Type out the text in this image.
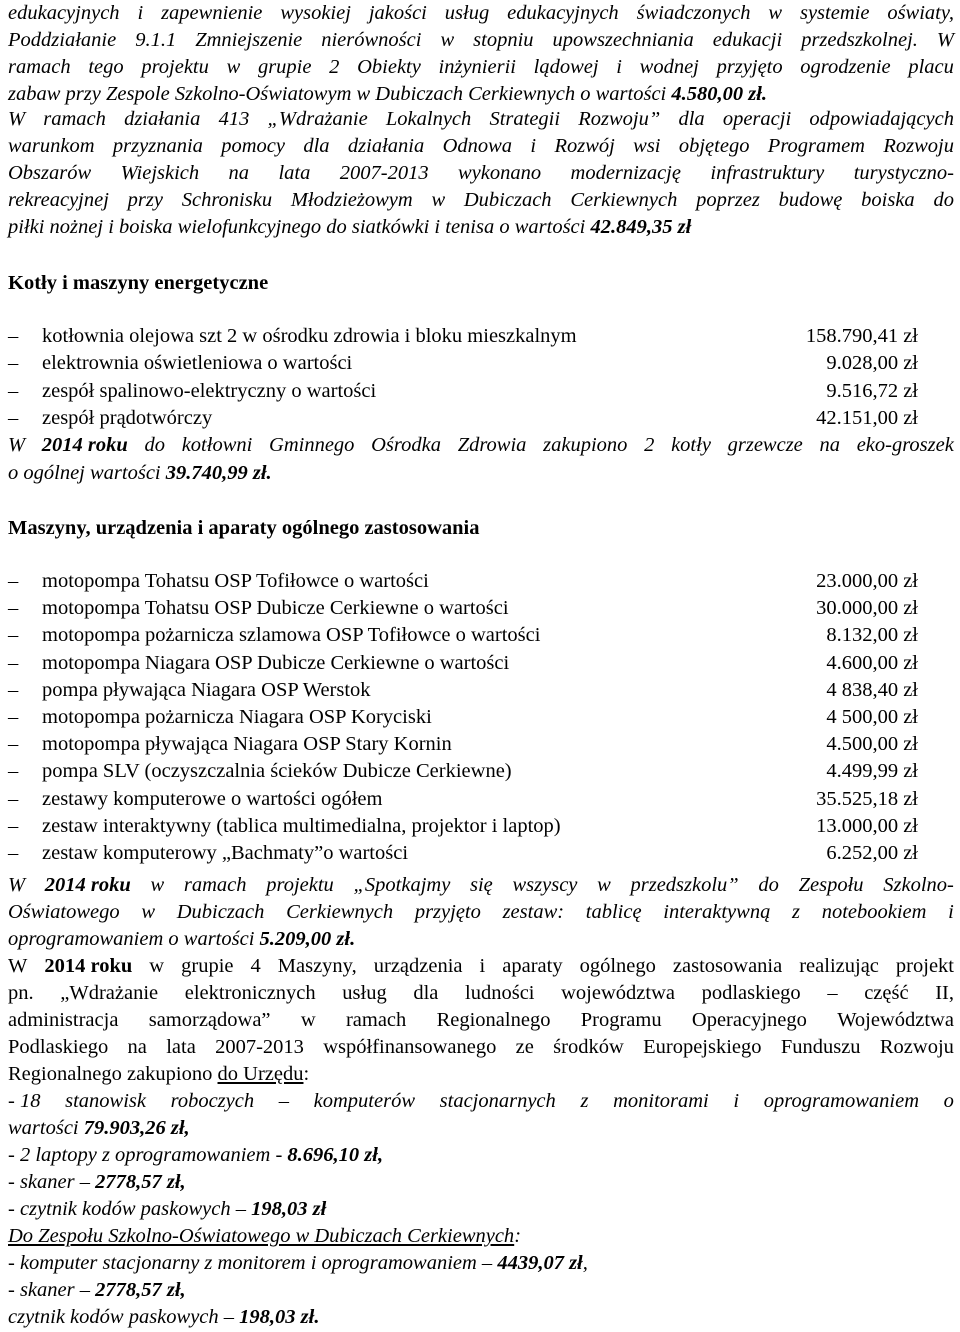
edukacyjnych i zapewnienie wysokiej jakości usług edukacyjnych świadczonych w systemie oświaty,
Poddziałanie 9.1.1 Zmniejszenie nierówności w stopniu upowszechniania edukacji przedszkolnej. W
ramach tego projektu w grupie 2 Obiekty inżynierii lądowej i wodnej przyjęto ogrodzenie placu
zabaw przy Zespole Szkolno-Oświatowym w Dubiczach Cerkiewnych o wartości 4.580,00 zł.
W ramach działania 413 „Wdrażanie Lokalnych Strategii Rozwoju” dla operacji odpowiadających
warunkom przyznania pomocy dla działania Odnowa i Rozwój wsi objętego Programem Rozwoju
Obszarów Wiejskich na lata 2007-2013 wykonano modernizację infrastruktury turystyczno-
rekreacyjnej przy Schronisku Młodzieżowym w Dubiczach Cerkiewnych poprzez budowę boiska do
piłki nożnej i boiska wielofunkcyjnego do siatkówki i tenisa o wartości 42.849,35 zł
Kotły i maszyny energetyczne
–	kotłownia olejowa szt 2 w ośrodku zdrowia i bloku mieszkalnym	158.790,41 zł
–	elektrownia oświetleniowa o wartości	9.028,00 zł
–	zespół spalinowo-elektryczny o wartości	9.516,72 zł
–	zespół prądotwórczy	42.151,00 zł
W 2014 roku do kotłowni Gminnego Ośrodka Zdrowia zakupiono 2 kotły grzewcze na eko-groszek
o ogólnej wartości 39.740,99 zł.
Maszyny, urządzenia i aparaty ogólnego zastosowania
–	motopompa Tohatsu OSP Tofiłowce o wartości	23.000,00 zł
–	motopompa Tohatsu OSP Dubicze Cerkiewne o wartości	30.000,00 zł
–	motopompa pożarnicza szlamowa OSP Tofiłowce o wartości	8.132,00 zł
–	motopompa Niagara OSP Dubicze Cerkiewne o wartości	4.600,00 zł
–	pompa pływająca Niagara OSP Werstok	4 838,40 zł
–	motopompa pożarnicza Niagara OSP Koryciski	4 500,00 zł
–	motopompa pływająca Niagara OSP Stary Kornin	4.500,00 zł
–	pompa SLV (oczyszczalnia ścieków Dubicze Cerkiewne)	4.499,99 zł
–	zestawy komputerowe o wartości ogółem	35.525,18 zł
–	zestaw interaktywny (tablica multimedialna, projektor i laptop)	13.000,00 zł
–	zestaw komputerowy „Bachmaty”o wartości	6.252,00 zł
W 2014 roku w ramach projektu „Spotkajmy się wszyscy w przedszkolu” do Zespołu Szkolno-
Oświatowego w Dubiczach Cerkiewnych przyjęto zestaw: tablicę interaktywną z notebookiem i
oprogramowaniem o wartości 5.209,00 zł.
W 2014 roku w grupie 4 Maszyny, urządzenia i aparaty ogólnego zastosowania realizując projekt
pn. „Wdrażanie elektronicznych usług dla ludności województwa podlaskiego – część II,
administracja samorządowa” w ramach Regionalnego Programu Operacyjnego Województwa
Podlaskiego na lata 2007-2013 współfinansowanego ze środków Europejskiego Funduszu Rozwoju
Regionalnego zakupiono do Urzędu:
- 18 stanowisk roboczych – komputerów stacjonarnych z monitorami i oprogramowaniem o
wartości 79.903,26 zł,
- 2 laptopy z oprogramowaniem - 8.696,10 zł,
- skaner – 2778,57 zł,
- czytnik kodów paskowych – 198,03 zł
Do Zespołu Szkolno-Oświatowego w Dubiczach Cerkiewnych:
- komputer stacjonarny z monitorem i oprogramowaniem – 4439,07 zł,
- skaner – 2778,57 zł,
czytnik kodów paskowych – 198,03 zł.
